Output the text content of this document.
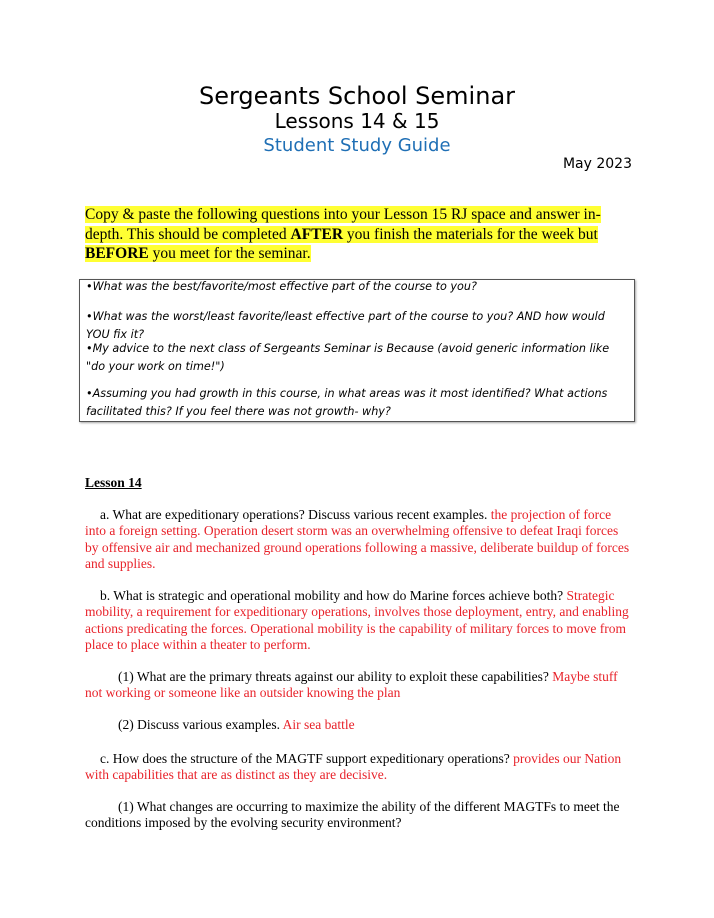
Sergeants School Seminar
Lessons 14 & 15
Student Study Guide
May 2023
Copy & paste the following questions into your Lesson 15 RJ space and answer in-depth. This should be completed AFTER you finish the materials for the week but BEFORE you meet for the seminar.

•What was the best/favorite/most effective part of the course to you?

•What was the worst/least favorite/least effective part of the course to you? AND how would YOU fix it?

•My advice to the next class of Sergeants Seminar is Because (avoid generic information like "do your work on time!")

•Assuming you had growth in this course, in what areas was it most identified? What actions facilitated this? If you feel there was not growth- why?

Lesson 14
a. What are expeditionary operations? Discuss various recent examples. the projection of force into a foreign setting. Operation desert storm was an overwhelming offensive to defeat Iraqi forces by offensive air and mechanized ground operations following a massive, deliberate buildup of forces and supplies.
b. What is strategic and operational mobility and how do Marine forces achieve both? Strategic mobility, a requirement for expeditionary operations, involves those deployment, entry, and enabling actions predicating the forces. Operational mobility is the capability of military forces to move from place to place within a theater to perform.
(1) What are the primary threats against our ability to exploit these capabilities? Maybe stuff not working or someone like an outsider knowing the plan
(2) Discuss various examples. Air sea battle
c. How does the structure of the MAGTF support expeditionary operations? provides our Nation with capabilities that are as distinct as they are decisive.
(1) What changes are occurring to maximize the ability of the different MAGTFs to meet the conditions imposed by the evolving security environment?
